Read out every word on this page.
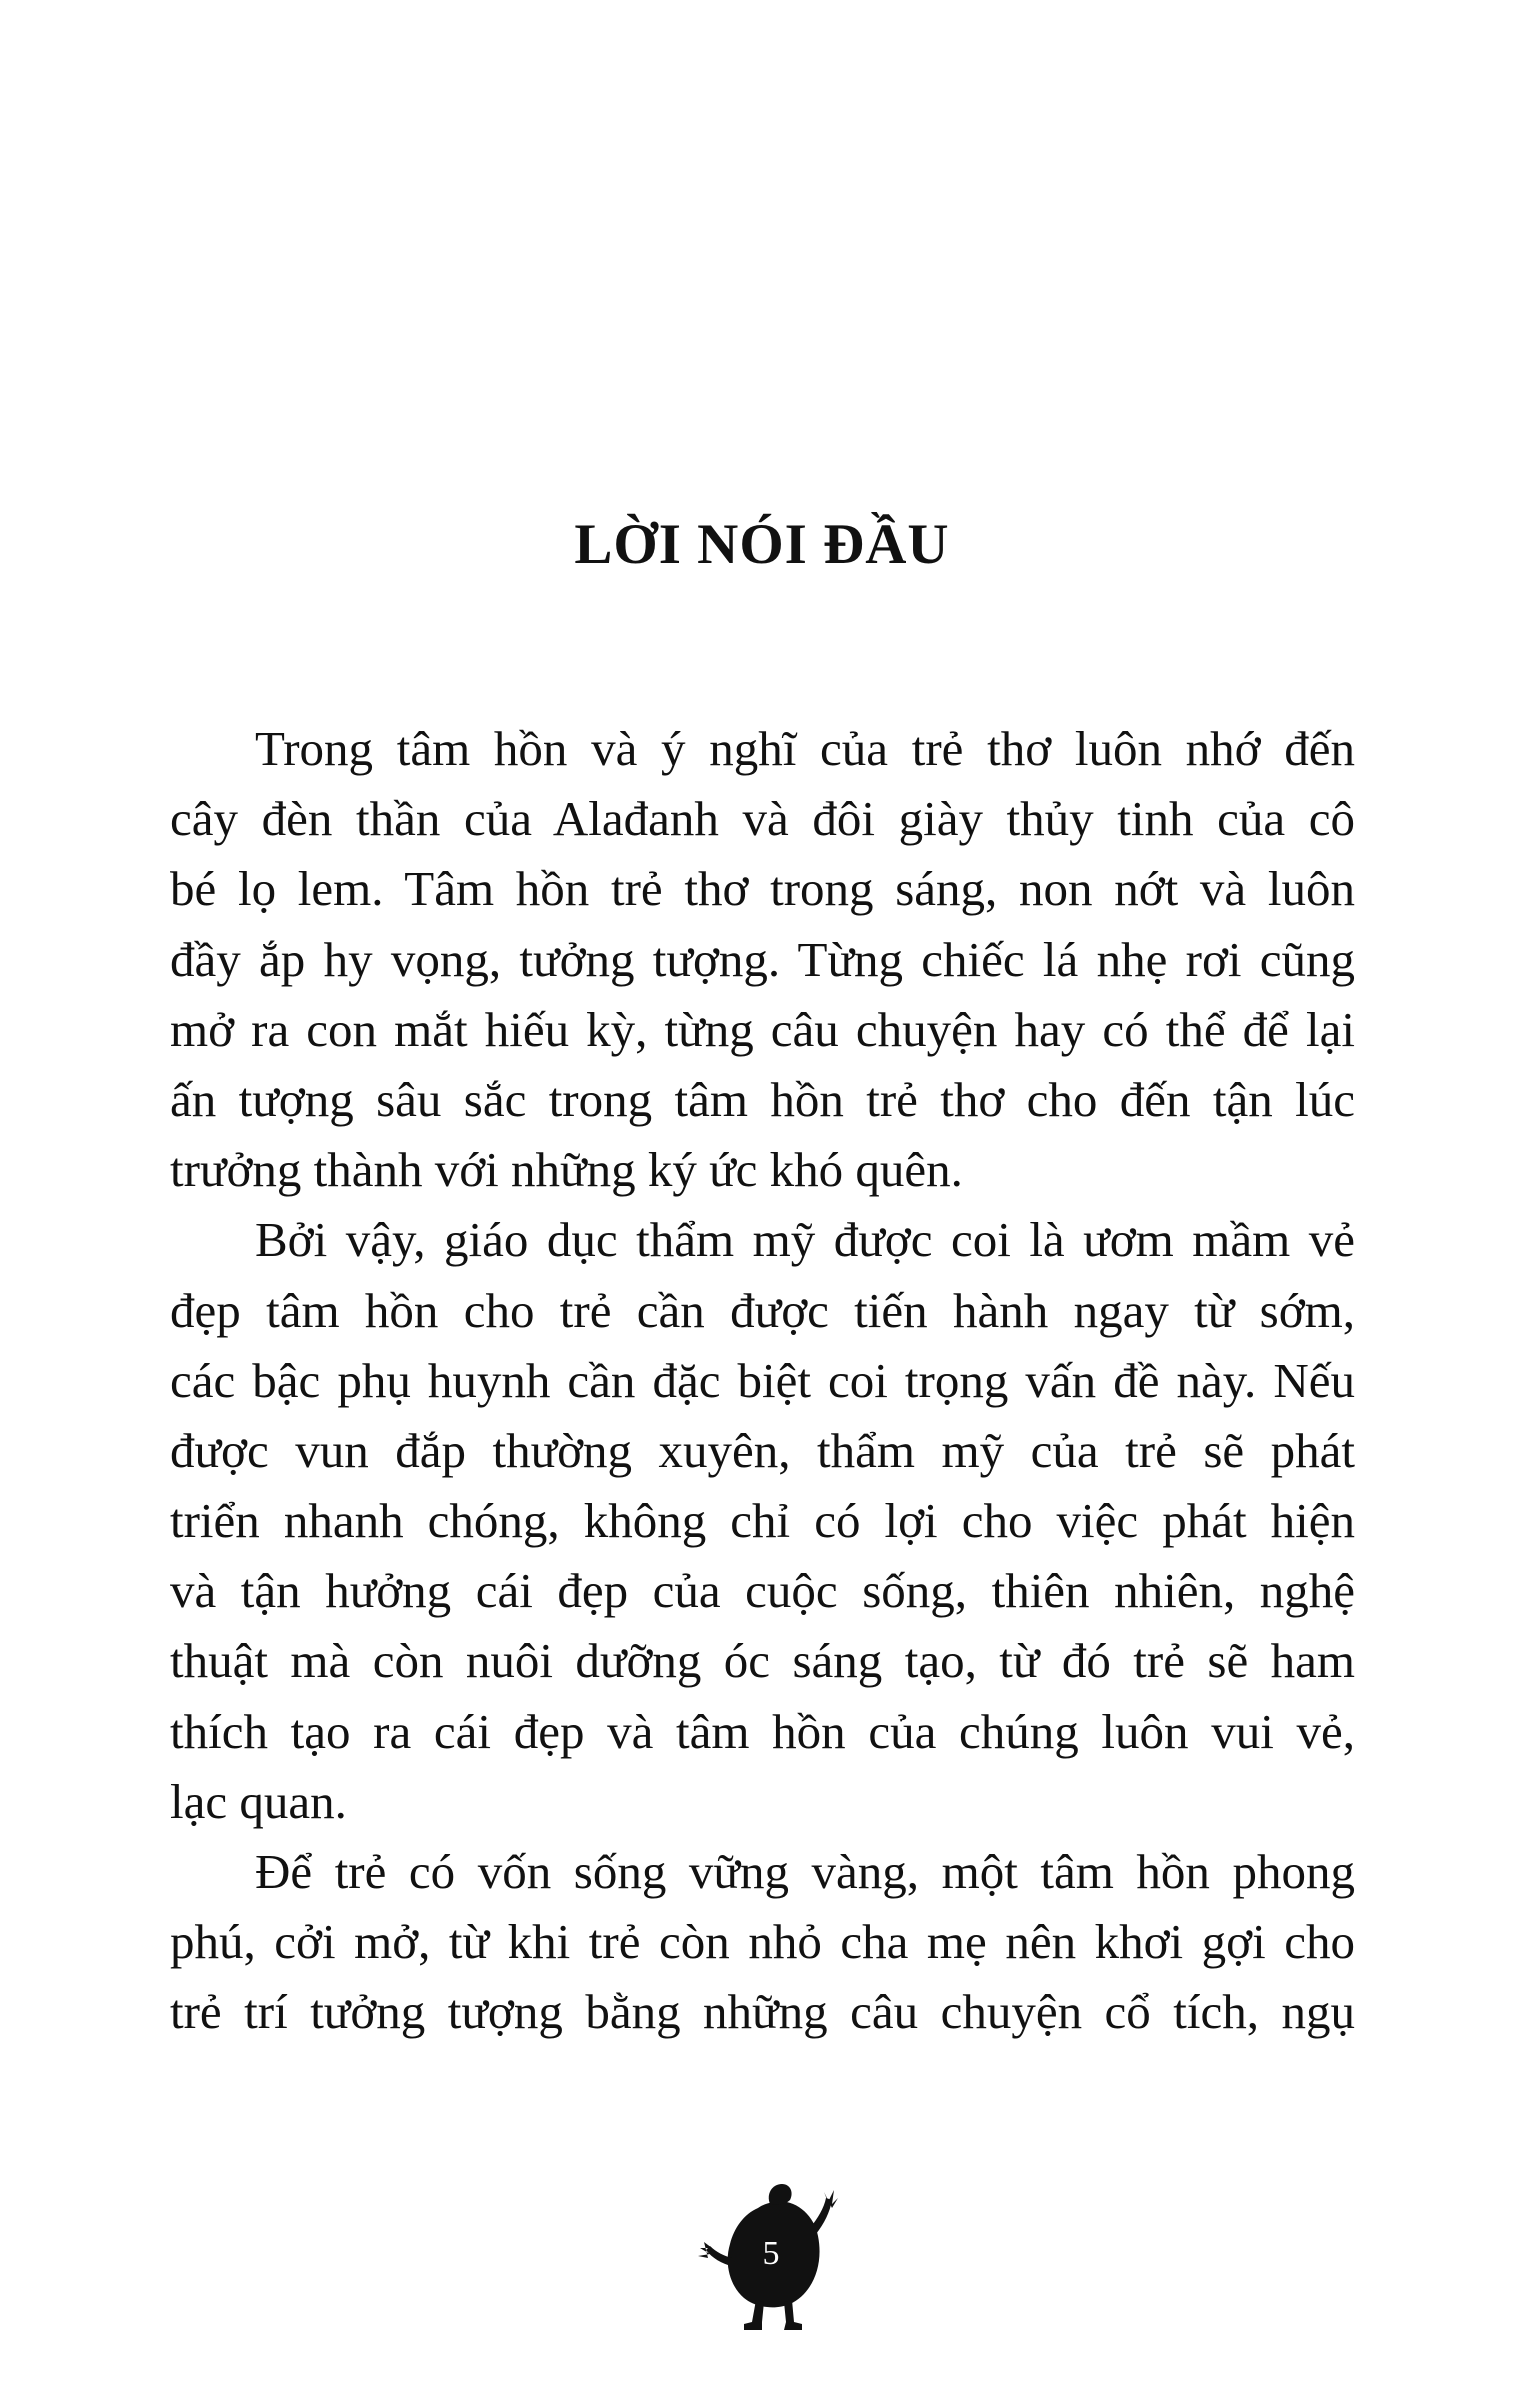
LỜI NÓI ĐẦU
Trong tâm hồn và ý nghĩ của trẻ thơ luôn nhớ đến
cây đèn thần của Alađanh và đôi giày thủy tinh của cô
bé lọ lem. Tâm hồn trẻ thơ trong sáng, non nớt và luôn
đầy ắp hy vọng, tưởng tượng. Từng chiếc lá nhẹ rơi cũng
mở ra con mắt hiếu kỳ, từng câu chuyện hay có thể để lại
ấn tượng sâu sắc trong tâm hồn trẻ thơ cho đến tận lúc
trưởng thành với những ký ức khó quên.
Bởi vậy, giáo dục thẩm mỹ được coi là ươm mầm vẻ
đẹp tâm hồn cho trẻ cần được tiến hành ngay từ sớm,
các bậc phụ huynh cần đặc biệt coi trọng vấn đề này. Nếu
được vun đắp thường xuyên, thẩm mỹ của trẻ sẽ phát
triển nhanh chóng, không chỉ có lợi cho việc phát hiện
và tận hưởng cái đẹp của cuộc sống, thiên nhiên, nghệ
thuật mà còn nuôi dưỡng óc sáng tạo, từ đó trẻ sẽ ham
thích tạo ra cái đẹp và tâm hồn của chúng luôn vui vẻ,
lạc quan.
Để trẻ có vốn sống vững vàng, một tâm hồn phong
phú, cởi mở, từ khi trẻ còn nhỏ cha mẹ nên khơi gợi cho
trẻ trí tưởng tượng bằng những câu chuyện cổ tích, ngụ
5
